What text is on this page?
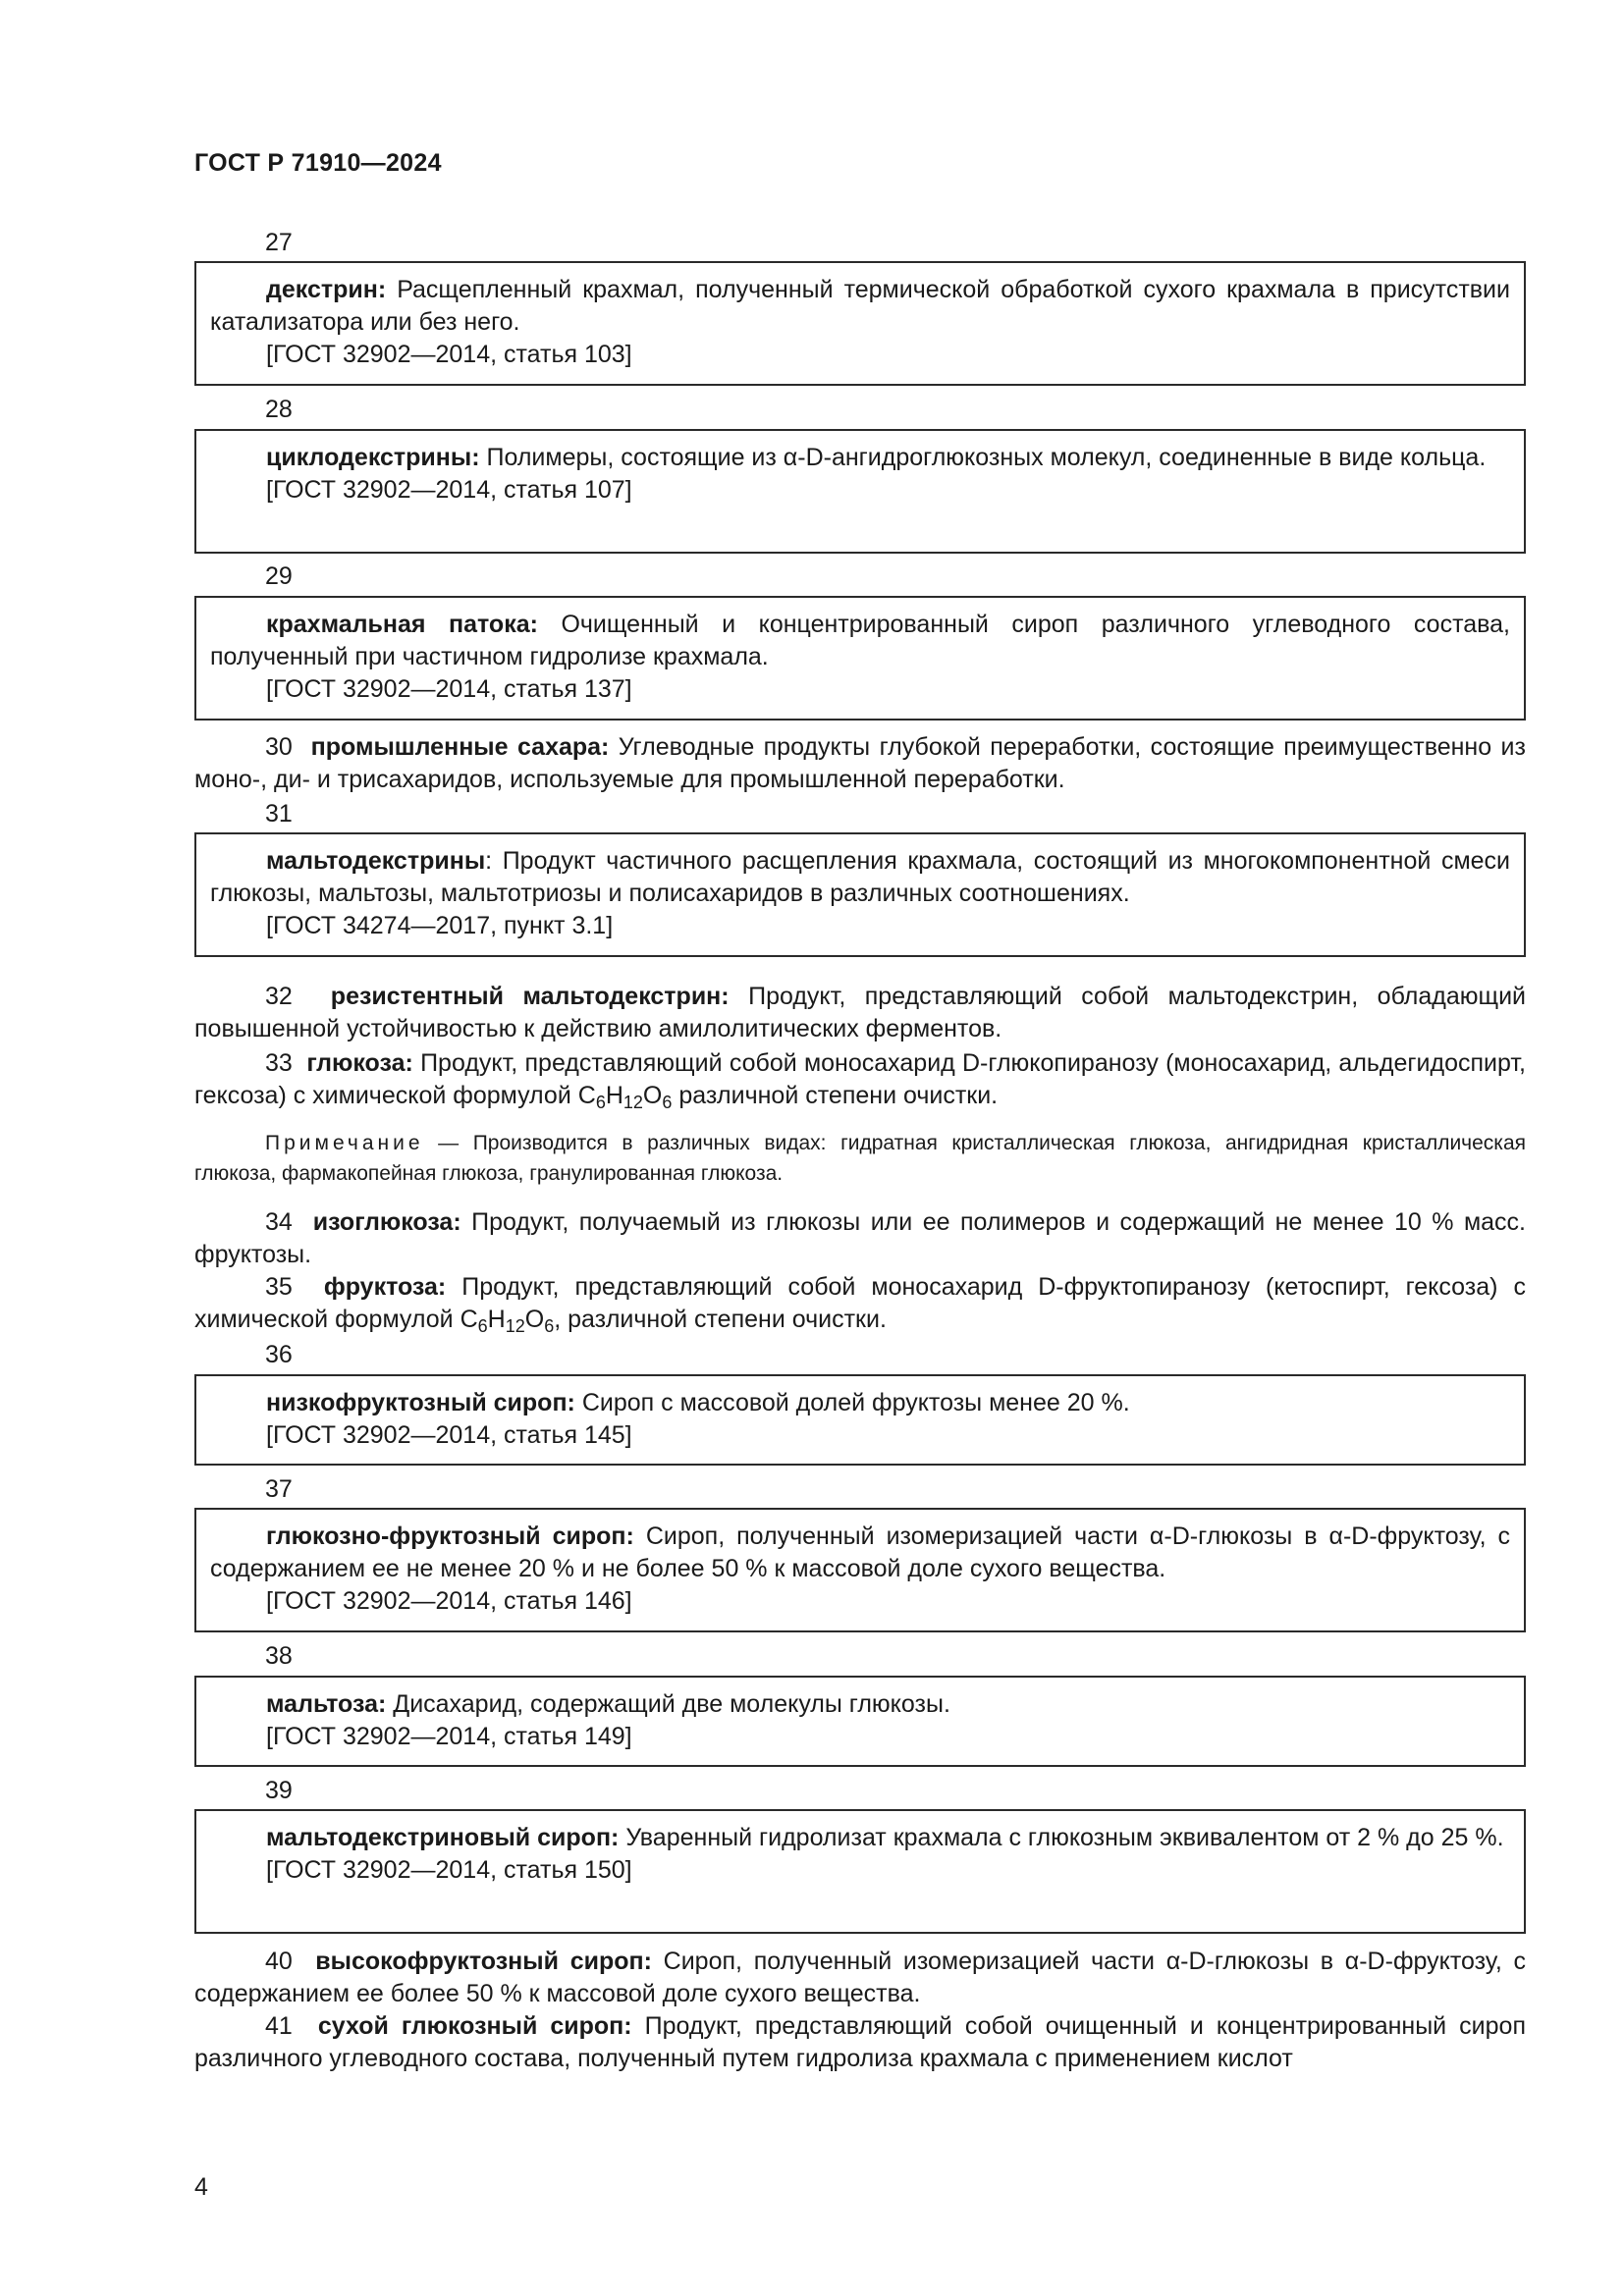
ГОСТ Р 71910—2024
27

декстрин: Расщепленный крахмал, полученный термической обработкой сухого крахмала в присутствии катализатора или без него.

[ГОСТ 32902—2014, статья 103]

28

циклодекстрины: Полимеры, состоящие из α-D-ангидроглюкозных молекул, соединенные в виде кольца.

[ГОСТ 32902—2014, статья 107]

29

крахмальная патока: Очищенный и концентрированный сироп различного углеводного состава, полученный при частичном гидролизе крахмала.

[ГОСТ 32902—2014, статья 137]

30 промышленные сахара: Углеводные продукты глубокой переработки, состоящие преимущественно из моно-, ди- и трисахаридов, используемые для промышленной переработки.

31

мальтодекстрины: Продукт частичного расщепления крахмала, состоящий из многокомпонентной смеси глюкозы, мальтозы, мальтотриозы и полисахаридов в различных соотношениях.

[ГОСТ 34274—2017, пункт 3.1]

32 резистентный мальтодекстрин: Продукт, представляющий собой мальтодекстрин, обладающий повышенной устойчивостью к действию амилолитических ферментов.

33 глюкоза: Продукт, представляющий собой моносахарид D-глюкопиранозу (моносахарид, альдегидоспирт, гексоза) с химической формулой $C_6H_{12}O_6$ различной степени очистки.

Примечание — Производится в различных видах: гидратная кристаллическая глюкоза, ангидридная кристаллическая глюкоза, фармакопейная глюкоза, гранулированная глюкоза.

34 изоглюкоза: Продукт, получаемый из глюкозы или ее полимеров и содержащий не менее 10 % масс. фруктозы.

35 фруктоза: Продукт, представляющий собой моносахарид D-фруктопиранозу (кетоспирт, гексоза) с химической формулой $C_6H_{12}O_6$, различной степени очистки.

36

низкофруктозный сироп: Сироп с массовой долей фруктозы менее 20 %.

[ГОСТ 32902—2014, статья 145]

37

глюкозно-фруктозный сироп: Сироп, полученный изомеризацией части α-D-глюкозы в α-D-фруктозу, с содержанием ее не менее 20 % и не более 50 % к массовой доле сухого вещества.

[ГОСТ 32902—2014, статья 146]

38

мальтоза: Дисахарид, содержащий две молекулы глюкозы.

[ГОСТ 32902—2014, статья 149]

39

мальтодекстриновый сироп: Уваренный гидролизат крахмала с глюкозным эквивалентом от 2 % до 25 %.

[ГОСТ 32902—2014, статья 150]

40 высокофруктозный сироп: Сироп, полученный изомеризацией части α-D-глюкозы в α-D-фруктозу, с содержанием ее более 50 % к массовой доле сухого вещества.

41 сухой глюкозный сироп: Продукт, представляющий собой очищенный и концентрированный сироп различного углеводного состава, полученный путем гидролиза крахмала с применением кислот

4
